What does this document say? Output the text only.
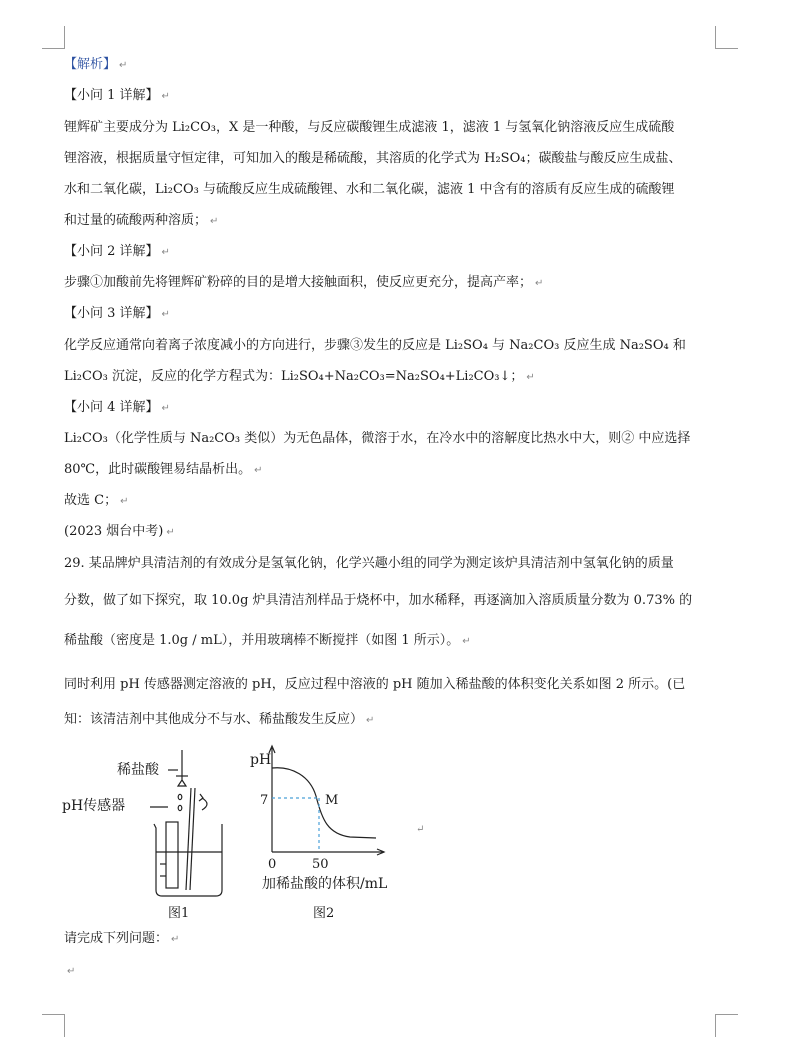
【解析】 ↵
【小问 1 详解】 ↵
锂辉矿主要成分为 Li₂CO₃，X 是一种酸，与反应碳酸锂生成滤液 1，滤液 1 与氢氧化钠溶液反应生成硫酸
锂溶液，根据质量守恒定律，可知加入的酸是稀硫酸，其溶质的化学式为 H₂SO₄；碳酸盐与酸反应生成盐、
水和二氧化碳，Li₂CO₃ 与硫酸反应生成硫酸锂、水和二氧化碳，滤液 1 中含有的溶质有反应生成的硫酸锂
和过量的硫酸两种溶质； ↵
【小问 2 详解】 ↵
步骤①加酸前先将锂辉矿粉碎的目的是增大接触面积，使反应更充分，提高产率； ↵
【小问 3 详解】 ↵
化学反应通常向着离子浓度减小的方向进行，步骤③发生的反应是 Li₂SO₄ 与 Na₂CO₃ 反应生成 Na₂SO₄ 和
Li₂CO₃ 沉淀，反应的化学方程式为：Li₂SO₄+Na₂CO₃=Na₂SO₄+Li₂CO₃↓； ↵
【小问 4 详解】 ↵
Li₂CO₃（化学性质与 Na₂CO₃ 类似）为无色晶体，微溶于水，在冷水中的溶解度比热水中大，则② 中应选择
80℃，此时碳酸锂易结晶析出。 ↵
故选 C； ↵
(2023 烟台中考) ↵
29. 某品牌炉具清洁剂的有效成分是氢氧化钠，化学兴趣小组的同学为测定该炉具清洁剂中氢氧化钠的质量
分数，做了如下探究，取 10.0g 炉具清洁剂样品于烧杯中，加水稀释，再逐滴加入溶质质量分数为 0.73% 的
稀盐酸（密度是 1.0g / mL），并用玻璃棒不断搅拌（如图 1 所示）。 ↵
同时利用 pH 传感器测定溶液的 pH，反应过程中溶液的 pH 随加入稀盐酸的体积变化关系如图 2 所示。(已
知：该清洁剂中其他成分不与水、稀盐酸发生反应） ↵
请完成下列问题： ↵
↵
稀盐酸
pH传感器
pH
7	M
0	50
加稀盐酸的体积/mL
↵
图1	图2
